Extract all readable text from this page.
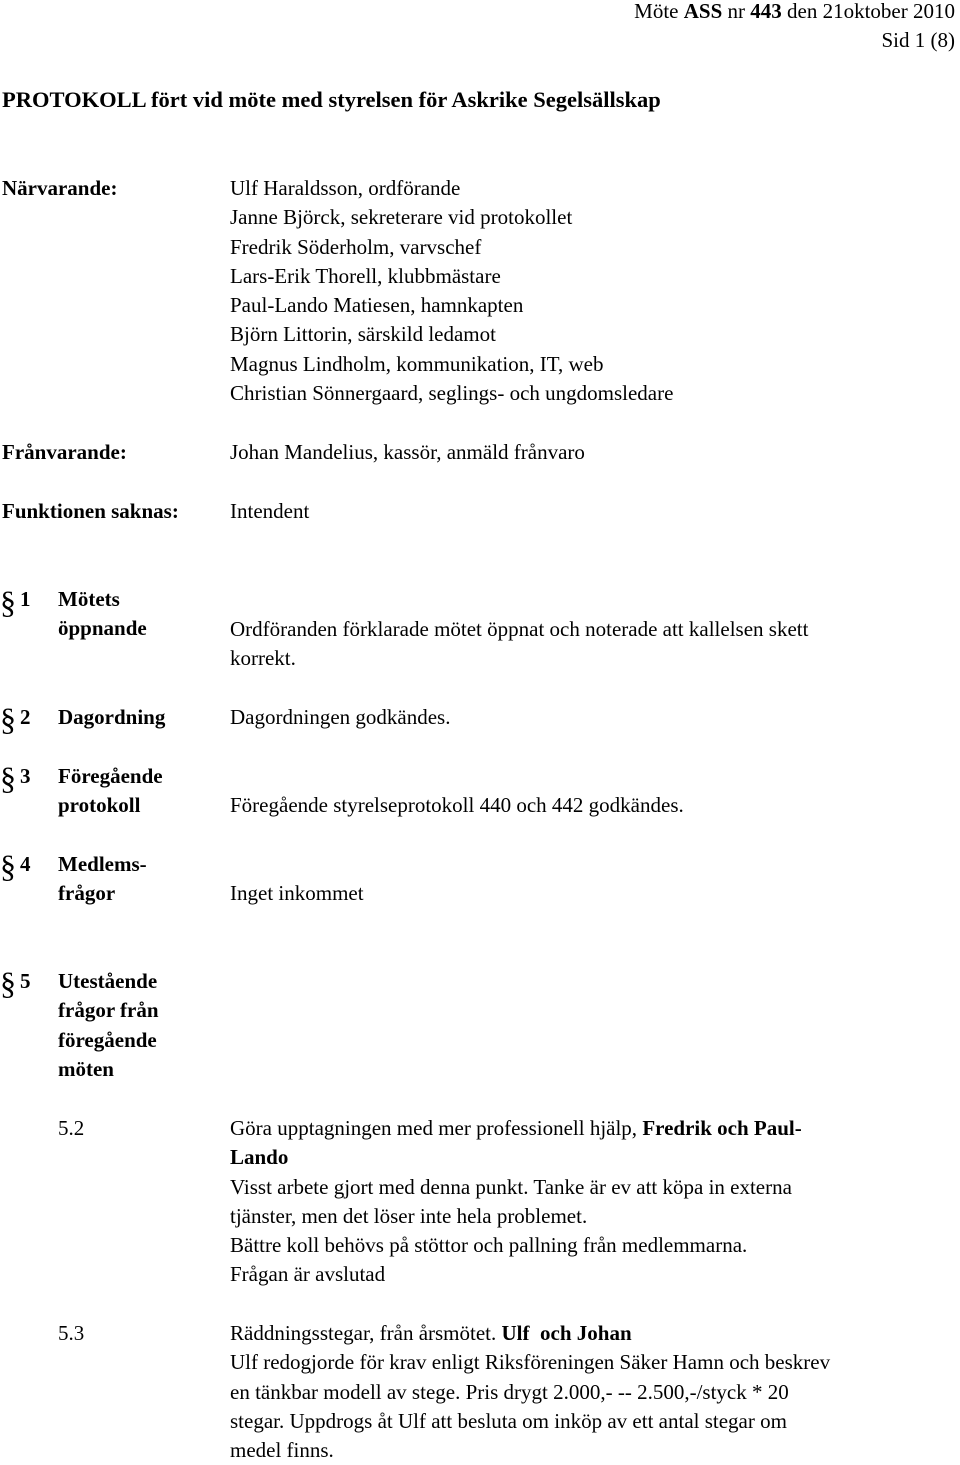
Möte ASS nr 443 den 21oktober 2010
Sid 1 (8)
PROTOKOLL fört vid möte med styrelsen för Askrike Segelsällskap
Närvarande:	Ulf Haraldsson, ordförande
Janne Björck, sekreterare vid protokollet
Fredrik Söderholm, varvschef
Lars-Erik Thorell, klubbmästare
Paul-Lando Matiesen, hamnkapten
Björn Littorin, särskild ledamot
Magnus Lindholm, kommunikation, IT, web
Christian Sönnergaard, seglings- och ungdomsledare
Frånvarande:	Johan Mandelius, kassör, anmäld frånvaro
Funktionen saknas: Intendent
§ 1 Mötets
öppnande	Ordföranden förklarade mötet öppnat och noterade att kallelsen skett
korrekt.
§ 2 Dagordning	Dagordningen godkändes.
§ 3 Föregående
protokoll	Föregående styrelseprotokoll 440 och 442 godkändes.
§ 4 Medlems-
frågor	Inget inkommet
§ 5 Utestående
frågor från
föregående
möten
5.2	Göra upptagningen med mer professionell hjälp, Fredrik och Paul-
Lando
Visst arbete gjort med denna punkt. Tanke är ev att köpa in externa
tjänster, men det löser inte hela problemet.
Bättre koll behövs på stöttor och pallning från medlemmarna.
Frågan är avslutad
5.3	Räddningsstegar, från årsmötet. Ulf  och Johan
Ulf redogjorde för krav enligt Riksföreningen Säker Hamn och beskrev
en tänkbar modell av stege. Pris drygt 2.000,- -- 2.500,-/styck * 20
stegar. Uppdrogs åt Ulf att besluta om inköp av ett antal stegar om
medel finns.
